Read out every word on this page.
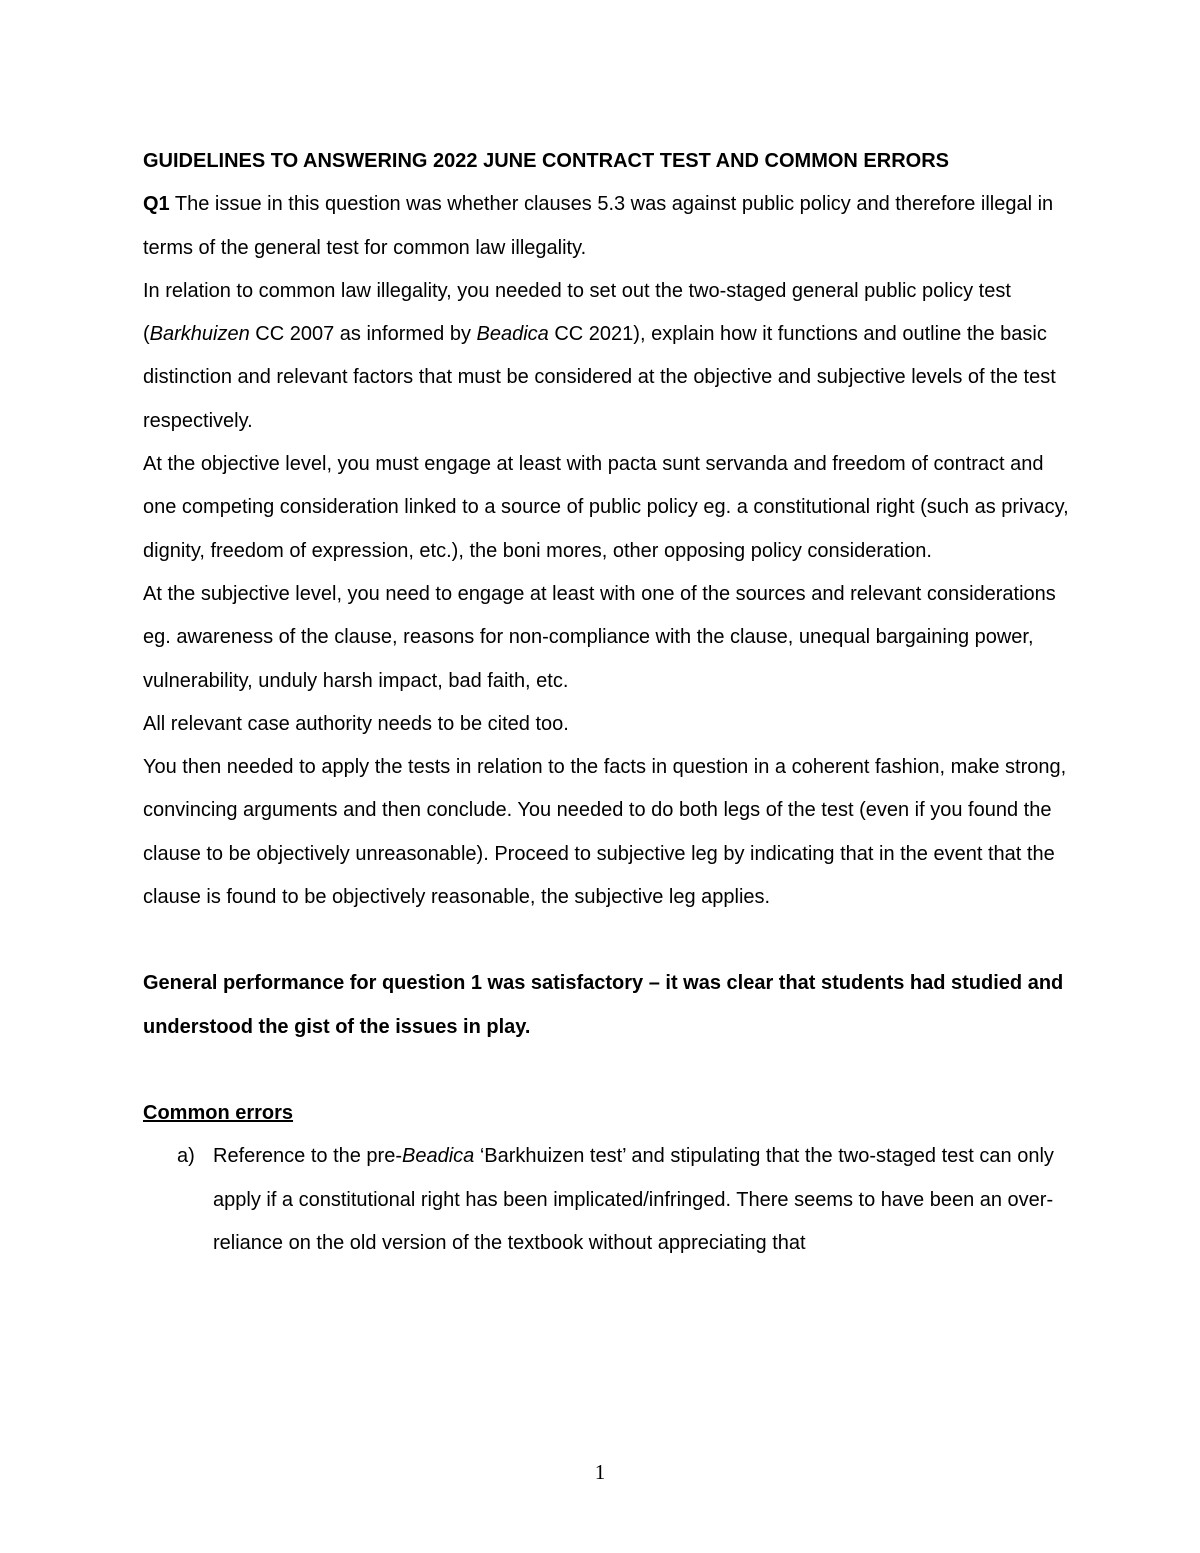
GUIDELINES TO ANSWERING 2022 JUNE CONTRACT TEST AND COMMON ERRORS

Q1 The issue in this question was whether clauses 5.3 was against public policy and therefore illegal in terms of the general test for common law illegality.

In relation to common law illegality, you needed to set out the two-staged general public policy test (Barkhuizen CC 2007 as informed by Beadica CC 2021), explain how it functions and outline the basic distinction and relevant factors that must be considered at the objective and subjective levels of the test respectively.

At the objective level, you must engage at least with pacta sunt servanda and freedom of contract and one competing consideration linked to a source of public policy eg. a constitutional right (such as privacy, dignity, freedom of expression, etc.), the boni mores, other opposing policy consideration.

At the subjective level, you need to engage at least with one of the sources and relevant considerations eg. awareness of the clause, reasons for non-compliance with the clause, unequal bargaining power, vulnerability, unduly harsh impact, bad faith, etc.

All relevant case authority needs to be cited too.

You then needed to apply the tests in relation to the facts in question in a coherent fashion, make strong, convincing arguments and then conclude. You needed to do both legs of the test (even if you found the clause to be objectively unreasonable). Proceed to subjective leg by indicating that in the event that the clause is found to be objectively reasonable, the subjective leg applies.

General performance for question 1 was satisfactory – it was clear that students had studied and understood the gist of the issues in play.

Common errors

a) Reference to the pre-Beadica ‘Barkhuizen test’ and stipulating that the two-staged test can only apply if a constitutional right has been implicated/infringed. There seems to have been an over-reliance on the old version of the textbook without appreciating that
1
